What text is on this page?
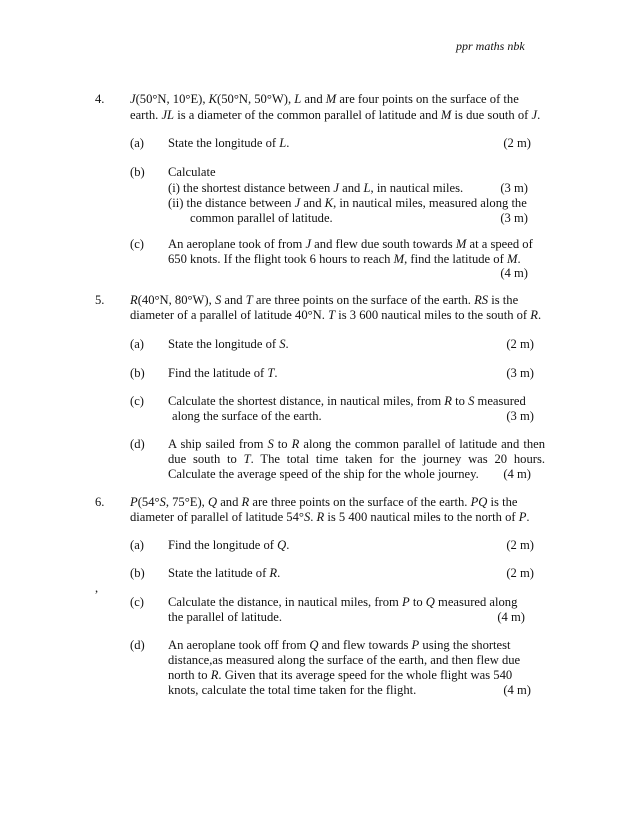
ppr maths nbk
4. J(50°N, 10°E), K(50°N, 50°W), L and M are four points on the surface of the
earth. JL is a diameter of the common parallel of latitude and M is due south of J.
(a) State the longitude of L.	(2 m)
(b) Calculate
(i) the shortest distance between J and L, in nautical miles.	(3 m)
(ii) the distance between J and K, in nautical miles, measured along the
common parallel of latitude.	(3 m)
(c) An aeroplane took of from J and flew due south towards M at a speed of
650 knots. If the flight took 6 hours to reach M, find the latitude of M.
(4 m)
5. R(40°N, 80°W), S and T are three points on the surface of the earth. RS is the
diameter of a parallel of latitude 40°N. T is 3 600 nautical miles to the south of R.
(a) State the longitude of S.	(2 m)
(b) Find the latitude of T.	(3 m)
(c) Calculate the shortest distance, in nautical miles, from R to S measured
along the surface of the earth.	(3 m)
(d) A ship sailed from S to R along the common parallel of latitude and then
due south to T. The total time taken for the journey was 20 hours.
Calculate the average speed of the ship for the whole journey. (4 m)
6. P(54°S, 75°E), Q and R are three points on the surface of the earth. PQ is the
diameter of parallel of latitude 54°S. R is 5 400 nautical miles to the north of P.
(a) Find the longitude of Q.	(2 m)
(b) State the latitude of R.	(2 m)
,
(c) Calculate the distance, in nautical miles, from P to Q measured along
the parallel of latitude.	(4 m)
(d) An aeroplane took off from Q and flew towards P using the shortest
distance,as measured along the surface of the earth, and then flew due
north to R. Given that its average speed for the whole flight was 540
knots, calculate the total time taken for the flight.	(4 m)
